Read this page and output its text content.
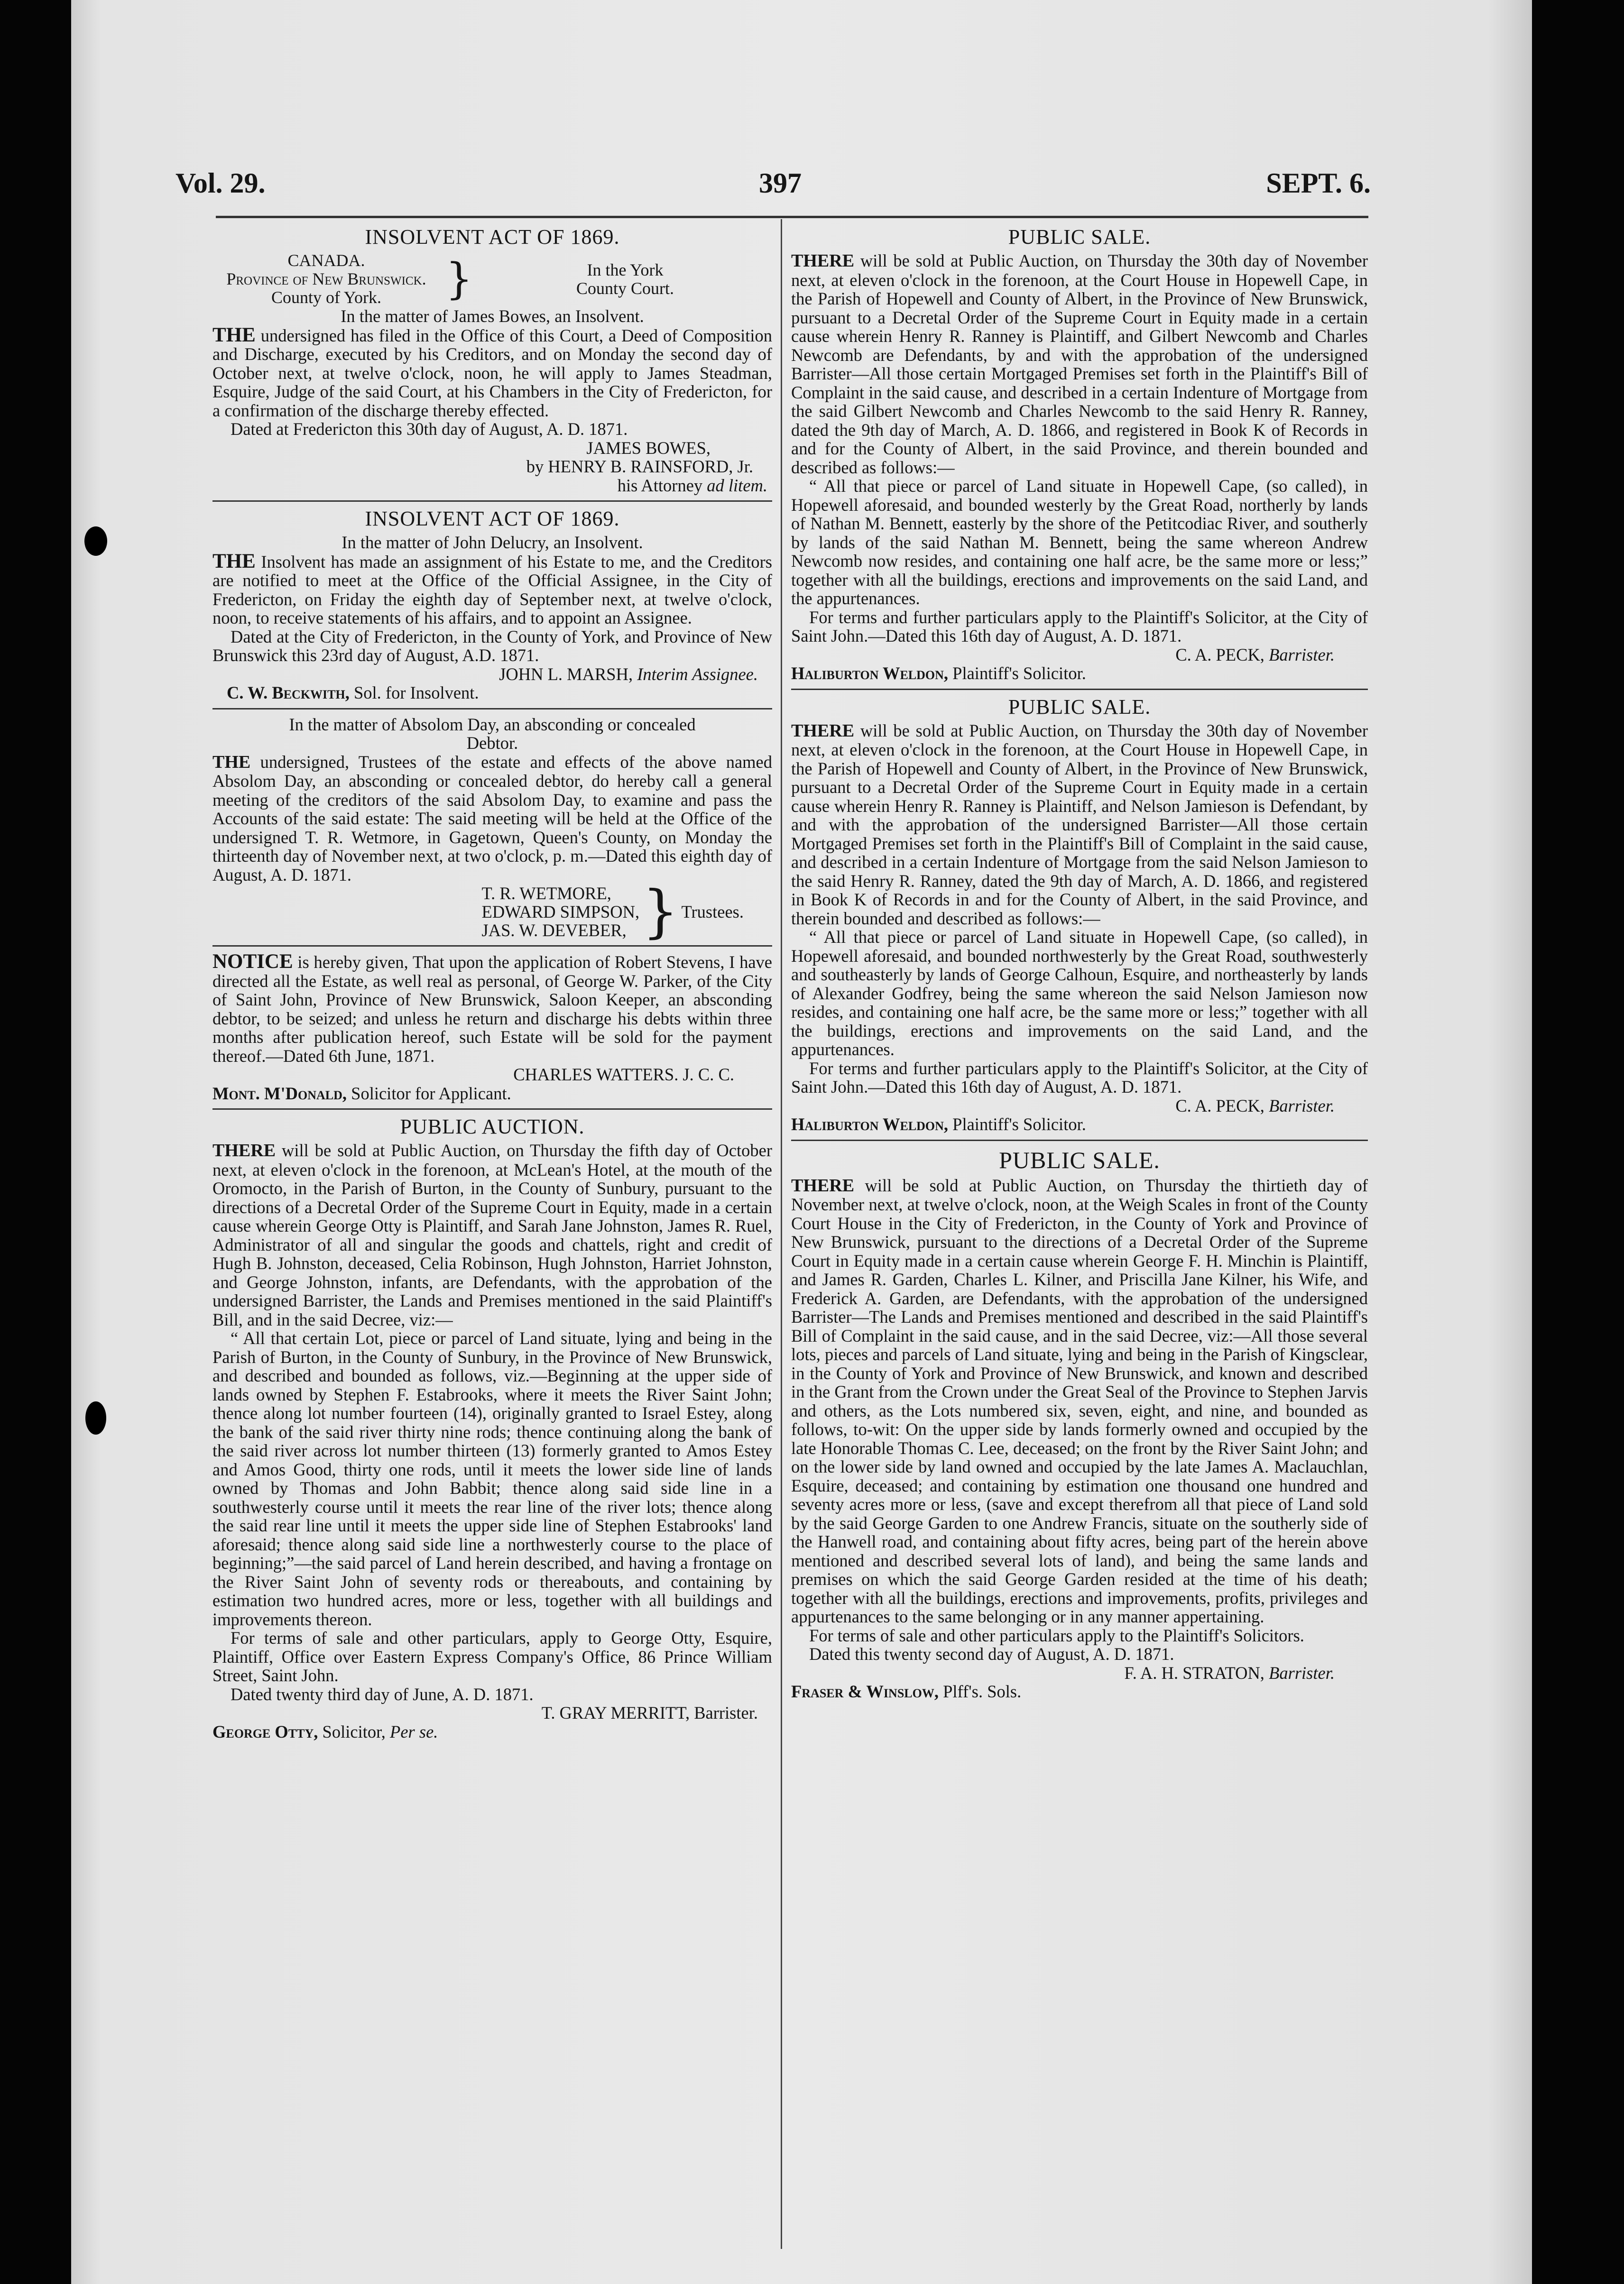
Vol. 29.	397	SEPT. 6.
INSOLVENT ACT OF 1869.
CANADA.
Province of New Brunswick.
County of York.	}	In the York
County Court.

In the matter of James Bowes, an Insolvent.

THE undersigned has filed in the Office of this Court, a Deed of Composition and Discharge, executed by his Creditors, and on Monday the second day of October next, at twelve o'clock, noon, he will apply to James Steadman, Esquire, Judge of the said Court, at his Chambers in the City of Fredericton, for a confirmation of the discharge thereby effected.

Dated at Fredericton this 30th day of August, A. D. 1871.

JAMES BOWES,

by HENRY B. RAINSFORD, Jr.

his Attorney ad litem.

INSOLVENT ACT OF 1869.

In the matter of John Delucry, an Insolvent.

THE Insolvent has made an assignment of his Estate to me, and the Creditors are notified to meet at the Office of the Official Assignee, in the City of Fredericton, on Friday the eighth day of September next, at twelve o'clock, noon, to receive statements of his affairs, and to appoint an Assignee.

Dated at the City of Fredericton, in the County of York, and Province of New Brunswick this 23rd day of August, A.D. 1871.

JOHN L. MARSH, Interim Assignee.

C. W. Beckwith, Sol. for Insolvent.

In the matter of Absolom Day, an absconding or concealed

Debtor.

THE undersigned, Trustees of the estate and effects of the above named Absolom Day, an absconding or concealed debtor, do hereby call a general meeting of the creditors of the said Absolom Day, to examine and pass the Accounts of the said estate: The said meeting will be held at the Office of the undersigned T. R. Wetmore, in Gagetown, Queen's County, on Monday the thirteenth day of November next, at two o'clock, p. m.—Dated this eighth day of August, A. D. 1871.

T. R. WETMORE,
EDWARD SIMPSON,
JAS. W. DEVEBER, } Trustees.

NOTICE is hereby given, That upon the application of Robert Stevens, I have directed all the Estate, as well real as personal, of George W. Parker, of the City of Saint John, Province of New Brunswick, Saloon Keeper, an absconding debtor, to be seized; and unless he return and discharge his debts within three months after publication hereof, such Estate will be sold for the payment thereof.—Dated 6th June, 1871.

CHARLES WATTERS. J. C. C.

Mont. M'Donald, Solicitor for Applicant.

PUBLIC AUCTION.

THERE will be sold at Public Auction, on Thursday the fifth day of October next, at eleven o'clock in the forenoon, at McLean's Hotel, at the mouth of the Oromocto, in the Parish of Burton, in the County of Sunbury, pursuant to the directions of a Decretal Order of the Supreme Court in Equity, made in a certain cause wherein George Otty is Plaintiff, and Sarah Jane Johnston, James R. Ruel, Administrator of all and singular the goods and chattels, right and credit of Hugh B. Johnston, deceased, Celia Robinson, Hugh Johnston, Harriet Johnston, and George Johnston, infants, are Defendants, with the approbation of the undersigned Barrister, the Lands and Premises mentioned in the said Plaintiff's Bill, and in the said Decree, viz:—

“ All that certain Lot, piece or parcel of Land situate, lying and being in the Parish of Burton, in the County of Sunbury, in the Province of New Brunswick, and described and bounded as follows, viz.—Beginning at the upper side of lands owned by Stephen F. Estabrooks, where it meets the River Saint John; thence along lot number fourteen (14), originally granted to Israel Estey, along the bank of the said river thirty nine rods; thence continuing along the bank of the said river across lot number thirteen (13) formerly granted to Amos Estey and Amos Good, thirty one rods, until it meets the lower side line of lands owned by Thomas and John Babbit; thence along said side line in a southwesterly course until it meets the rear line of the river lots; thence along the said rear line until it meets the upper side line of Stephen Estabrooks' land aforesaid; thence along said side line a northwesterly course to the place of beginning;”—the said parcel of Land herein described, and having a frontage on the River Saint John of seventy rods or thereabouts, and containing by estimation two hundred acres, more or less, together with all buildings and improvements thereon.

For terms of sale and other particulars, apply to George Otty, Esquire, Plaintiff, Office over Eastern Express Company's Office, 86 Prince William Street, Saint John.

Dated twenty third day of June, A. D. 1871.

T. GRAY MERRITT, Barrister.

George Otty, Solicitor, Per se.

PUBLIC SALE.

THERE will be sold at Public Auction, on Thursday the 30th day of November next, at eleven o'clock in the forenoon, at the Court House in Hopewell Cape, in the Parish of Hopewell and County of Albert, in the Province of New Brunswick, pursuant to a Decretal Order of the Supreme Court in Equity made in a certain cause wherein Henry R. Ranney is Plaintiff, and Gilbert Newcomb and Charles Newcomb are Defendants, by and with the approbation of the undersigned Barrister—All those certain Mortgaged Premises set forth in the Plaintiff's Bill of Complaint in the said cause, and described in a certain Indenture of Mortgage from the said Gilbert Newcomb and Charles Newcomb to the said Henry R. Ranney, dated the 9th day of March, A. D. 1866, and registered in Book K of Records in and for the County of Albert, in the said Province, and therein bounded and described as follows:—

“ All that piece or parcel of Land situate in Hopewell Cape, (so called), in Hopewell aforesaid, and bounded westerly by the Great Road, northerly by lands of Nathan M. Bennett, easterly by the shore of the Petitcodiac River, and southerly by lands of the said Nathan M. Bennett, being the same whereon Andrew Newcomb now resides, and containing one half acre, be the same more or less;” together with all the buildings, erections and improvements on the said Land, and the appurtenances.

For terms and further particulars apply to the Plaintiff's Solicitor, at the City of Saint John.—Dated this 16th day of August, A. D. 1871.

C. A. PECK, Barrister.

Haliburton Weldon, Plaintiff's Solicitor.

PUBLIC SALE.

THERE will be sold at Public Auction, on Thursday the 30th day of November next, at eleven o'clock in the forenoon, at the Court House in Hopewell Cape, in the Parish of Hopewell and County of Albert, in the Province of New Brunswick, pursuant to a Decretal Order of the Supreme Court in Equity made in a certain cause wherein Henry R. Ranney is Plaintiff, and Nelson Jamieson is Defendant, by and with the approbation of the undersigned Barrister—All those certain Mortgaged Premises set forth in the Plaintiff's Bill of Complaint in the said cause, and described in a certain Indenture of Mortgage from the said Nelson Jamieson to the said Henry R. Ranney, dated the 9th day of March, A. D. 1866, and registered in Book K of Records in and for the County of Albert, in the said Province, and therein bounded and described as follows:—

“ All that piece or parcel of Land situate in Hopewell Cape, (so called), in Hopewell aforesaid, and bounded northwesterly by the Great Road, southwesterly and southeasterly by lands of George Calhoun, Esquire, and northeasterly by lands of Alexander Godfrey, being the same whereon the said Nelson Jamieson now resides, and containing one half acre, be the same more or less;” together with all the buildings, erections and improvements on the said Land, and the appurtenances.

For terms and further particulars apply to the Plaintiff's Solicitor, at the City of Saint John.—Dated this 16th day of August, A. D. 1871.

C. A. PECK, Barrister.

Haliburton Weldon, Plaintiff's Solicitor.

PUBLIC SALE.

THERE will be sold at Public Auction, on Thursday the thirtieth day of November next, at twelve o'clock, noon, at the Weigh Scales in front of the County Court House in the City of Fredericton, in the County of York and Province of New Brunswick, pursuant to the directions of a Decretal Order of the Supreme Court in Equity made in a certain cause wherein George F. H. Minchin is Plaintiff, and James R. Garden, Charles L. Kilner, and Priscilla Jane Kilner, his Wife, and Frederick A. Garden, are Defendants, with the approbation of the undersigned Barrister—The Lands and Premises mentioned and described in the said Plaintiff's Bill of Complaint in the said cause, and in the said Decree, viz:—All those several lots, pieces and parcels of Land situate, lying and being in the Parish of Kingsclear, in the County of York and Province of New Brunswick, and known and described in the Grant from the Crown under the Great Seal of the Province to Stephen Jarvis and others, as the Lots numbered six, seven, eight, and nine, and bounded as follows, to-wit: On the upper side by lands formerly owned and occupied by the late Honorable Thomas C. Lee, deceased; on the front by the River Saint John; and on the lower side by land owned and occupied by the late James A. Maclauchlan, Esquire, deceased; and containing by estimation one thousand one hundred and seventy acres more or less, (save and except therefrom all that piece of Land sold by the said George Garden to one Andrew Francis, situate on the southerly side of the Hanwell road, and containing about fifty acres, being part of the herein above mentioned and described several lots of land), and being the same lands and premises on which the said George Garden resided at the time of his death; together with all the buildings, erections and improvements, profits, privileges and appurtenances to the same belonging or in any manner appertaining.

For terms of sale and other particulars apply to the Plaintiff's Solicitors.

Dated this twenty second day of August, A. D. 1871.

F. A. H. STRATON, Barrister.

Fraser & Winslow, Plff's. Sols.
